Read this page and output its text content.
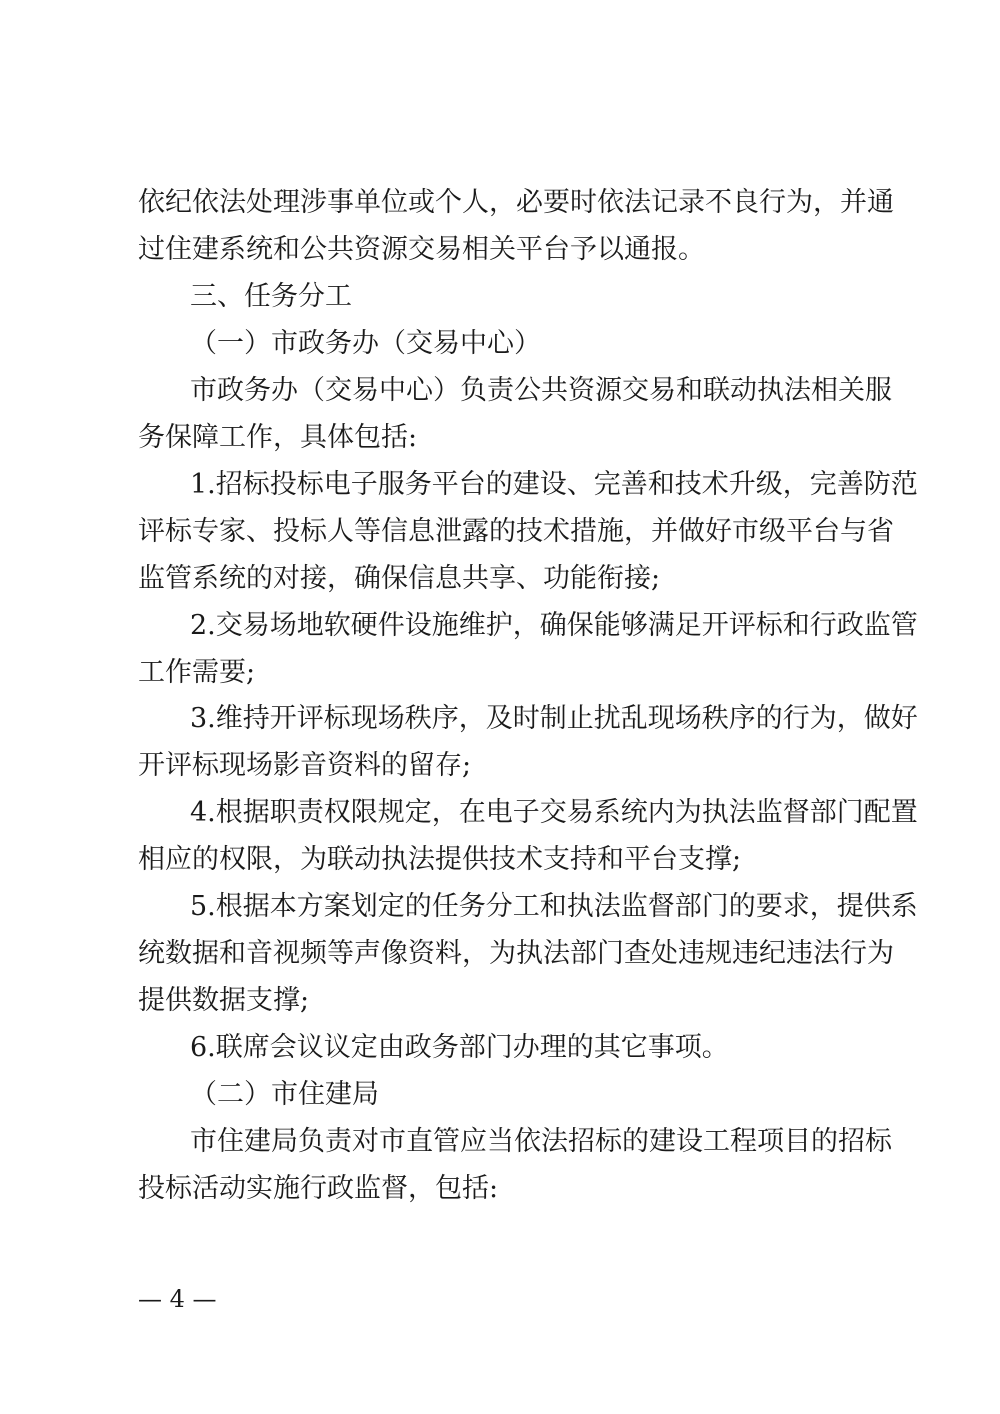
依纪依法处理涉事单位或个人，必要时依法记录不良行为，并通
过住建系统和公共资源交易相关平台予以通报。
三、任务分工
（一）市政务办（交易中心）
市政务办（交易中心）负责公共资源交易和联动执法相关服
务保障工作，具体包括:
1.招标投标电子服务平台的建设、完善和技术升级，完善防范
评标专家、投标人等信息泄露的技术措施，并做好市级平台与省
监管系统的对接，确保信息共享、功能衔接;
2.交易场地软硬件设施维护，确保能够满足开评标和行政监管
工作需要;
3.维持开评标现场秩序，及时制止扰乱现场秩序的行为，做好
开评标现场影音资料的留存;
4.根据职责权限规定，在电子交易系统内为执法监督部门配置
相应的权限，为联动执法提供技术支持和平台支撑;
5.根据本方案划定的任务分工和执法监督部门的要求，提供系
统数据和音视频等声像资料，为执法部门查处违规违纪违法行为
提供数据支撑;
6.联席会议议定由政务部门办理的其它事项。
（二）市住建局
市住建局负责对市直管应当依法招标的建设工程项目的招标
投标活动实施行政监督，包括:
— 4 —
